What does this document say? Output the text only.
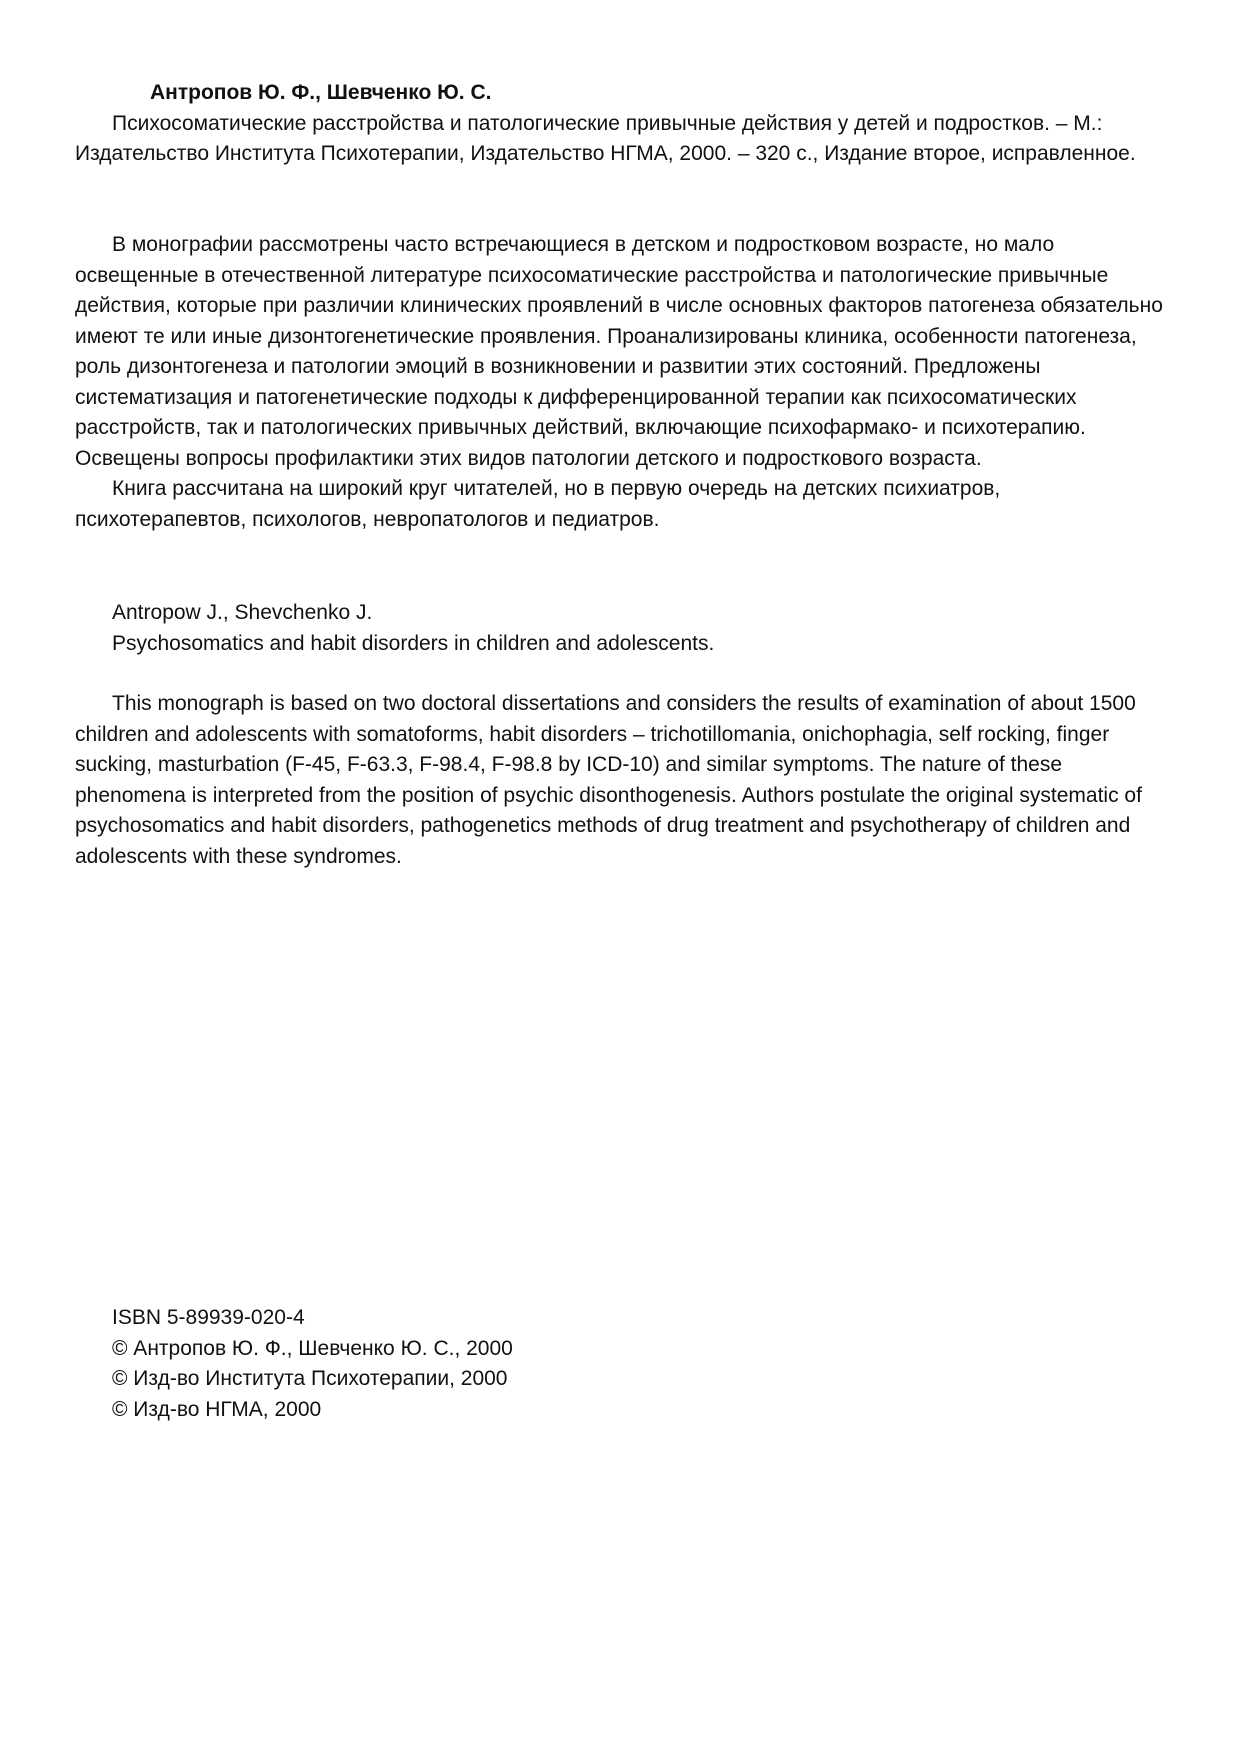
Антропов Ю. Ф., Шевченко Ю. С.

Психосоматические расстройства и патологические привычные действия у детей и подростков. – М.: Издательство Института Психотерапии, Издательство НГМА, 2000. – 320 с., Издание второе, исправленное.

В монографии рассмотрены часто встречающиеся в детском и подростковом возрасте, но мало освещенные в отечественной литературе психосоматические расстройства и патологические привычные действия, которые при различии клинических проявлений в числе основных факторов патогенеза обязательно имеют те или иные дизонтогенетические проявления. Проанализированы клиника, особенности патогенеза, роль дизонтогенеза и патологии эмоций в возникновении и развитии этих состояний. Предложены систематизация и патогенетические подходы к дифференцированной терапии как психосоматических расстройств, так и патологических привычных действий, включающие психофармако- и психотерапию. Освещены вопросы профилактики этих видов патологии детского и подросткового возраста.

Книга рассчитана на широкий круг читателей, но в первую очередь на детских психиатров, психотерапевтов, психологов, невропатологов и педиатров.

Antropow J., Shevchenko J.

Psychosomatics and habit disorders in children and adolescents.

This monograph is based on two doctoral dissertations and considers the results of examination of about 1500 children and adolescents with somatoforms, habit disorders – trichotillomania, onichophagia, self rocking, finger sucking, masturbation (F-45, F-63.3, F-98.4, F-98.8 by ICD-10) and similar symptoms. The nature of these phenomena is interpreted from the position of psychic disonthogenesis. Authors postulate the original systematic of psychosomatics and habit disorders, pathogenetics methods of drug treatment and psychotherapy of children and adolescents with these syndromes.

ISBN 5-89939-020-4

© Антропов Ю. Ф., Шевченко Ю. С., 2000

© Изд-во Института Психотерапии, 2000

© Изд-во НГМА, 2000
